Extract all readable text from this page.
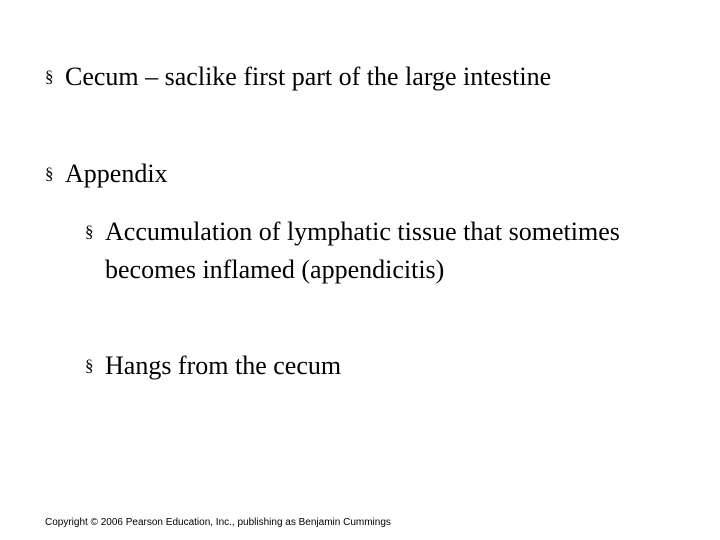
§ Cecum – saclike first part of the large intestine
§ Appendix
§ Accumulation of lymphatic tissue that sometimes becomes inflamed (appendicitis)
§ Hangs from the cecum
Copyright © 2006 Pearson Education, Inc., publishing as Benjamin Cummings
